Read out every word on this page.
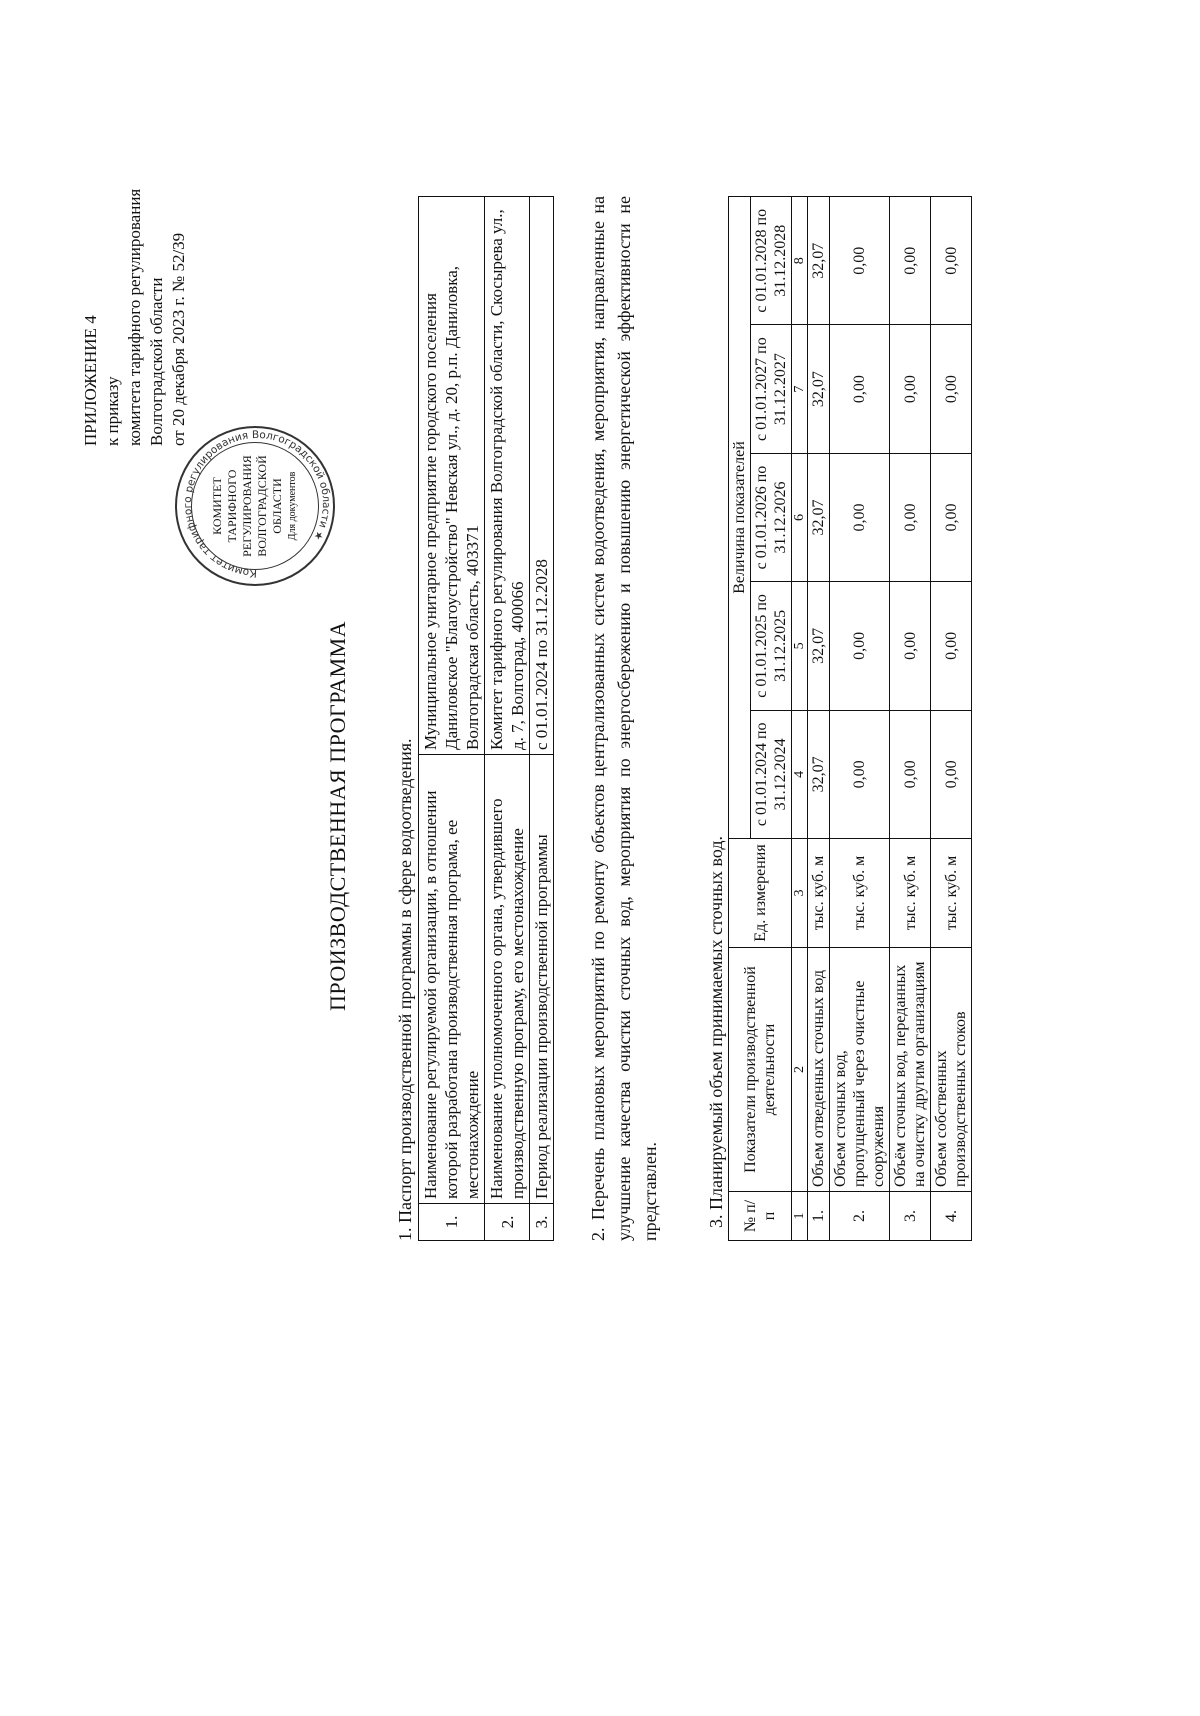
ПРИЛОЖЕНИЕ 4 к приказу комитета тарифного регулирования Волгоградской области от 20 декабря 2023 г. № 52/39
Комитет тарифного регулирования Волгоградской области ★
КОМИТЕТ ТАРИФНОГО РЕГУЛИРОВАНИЯ ВОЛГОГРАДСКОЙ ОБЛАСТИ Для документов
ПРОИЗВОДСТВЕННАЯ ПРОГРАММА	1. Паспорт производственной программы в сфере водоотведения. 1.	Наименование регулируемой организации, в отношении которой разработана производственная програма, ее местонахождение	Муниципальное унитарное предприятие городского поселения Даниловское "Благоустройство" Невская ул., д. 20, р.п. Даниловка, Волгоградская область, 403371
2.	Наименование уполномоченного органа, утвердившего производственную програму, его местонахождение	Комитет тарифного регулирования Волгоградской области, Скосырева ул., д. 7, Волгоград, 400066
3.	Период реализации производственной программы	с 01.01.2024 по 31.12.2028 2. Перечень плановых мероприятий по ремонту объектов централизованных систем водоотведения, мероприятия, направленные на улучшение качества очистки сточных вод, мероприятия по энергосбережению и повышению энергетической эффективности не представлен.	3. Планируемый объем принимаемых сточных вод. № п/п	Показатели производственной деятельности	Ед. измерения	Величина показателей				
			с 01.01.2024 по 31.12.2024	с 01.01.2025 по 31.12.2025	с 01.01.2026 по 31.12.2026	с 01.01.2027 по 31.12.2027	с 01.01.2028 по 31.12.2028
1	2	3	4	5	6	7	8
1.	Объем отведенных сточных вод	тыс. куб. м	32,07	32,07	32,07	32,07	32,07
2.	Объем сточных вод, пропущенный через очистные сооружения	тыс. куб. м	0,00	0,00	0,00	0,00	0,00
3.	Объём сточных вод, переданных на очистку другим организациям	тыс. куб. м	0,00	0,00	0,00	0,00	0,00
4.	Объем собственных производственных стоков	тыс. куб. м	0,00	0,00	0,00	0,00	0,00
